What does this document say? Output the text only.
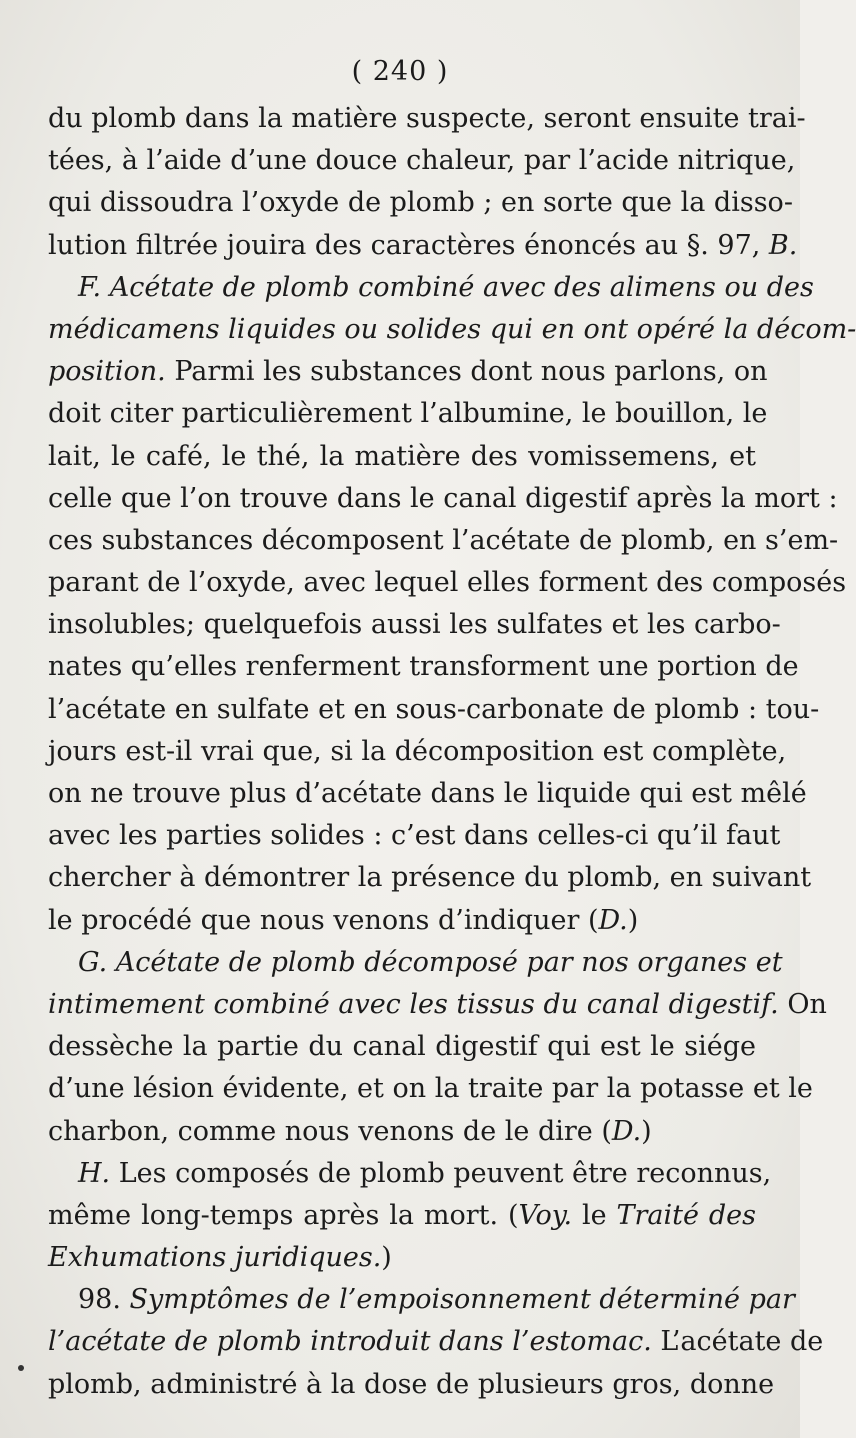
( 240 )
du plomb dans la matière suspecte, seront ensuite trai-
tées, à l’aide d’une douce chaleur, par l’acide nitrique,
qui dissoudra l’oxyde de plomb ; en sorte que la disso-
lution filtrée jouira des caractères énoncés au §. 97, B.
F. Acétate de plomb combiné avec des alimens ou des
médicamens liquides ou solides qui en ont opéré la décom-
position. Parmi les substances dont nous parlons, on
doit citer particulièrement l’albumine, le bouillon, le
lait, le café, le thé, la matière des vomissemens, et
celle que l’on trouve dans le canal digestif après la mort :
ces substances décomposent l’acétate de plomb, en s’em-
parant de l’oxyde, avec lequel elles forment des composés
insolubles; quelquefois aussi les sulfates et les carbo-
nates qu’elles renferment transforment une portion de
l’acétate en sulfate et en sous-carbonate de plomb : tou-
jours est-il vrai que, si la décomposition est complète,
on ne trouve plus d’acétate dans le liquide qui est mêlé
avec les parties solides : c’est dans celles-ci qu’il faut
chercher à démontrer la présence du plomb, en suivant
le procédé que nous venons d’indiquer (D.)
G. Acétate de plomb décomposé par nos organes et
intimement combiné avec les tissus du canal digestif. On
dessèche la partie du canal digestif qui est le siége
d’une lésion évidente, et on la traite par la potasse et le
charbon, comme nous venons de le dire (D.)
H. Les composés de plomb peuvent être reconnus,
même long-temps après la mort. (Voy. le Traité des
Exhumations juridiques.)
98. Symptômes de l’empoisonnement déterminé par
l’acétate de plomb introduit dans l’estomac. L’acétate de
plomb, administré à la dose de plusieurs gros, donne
